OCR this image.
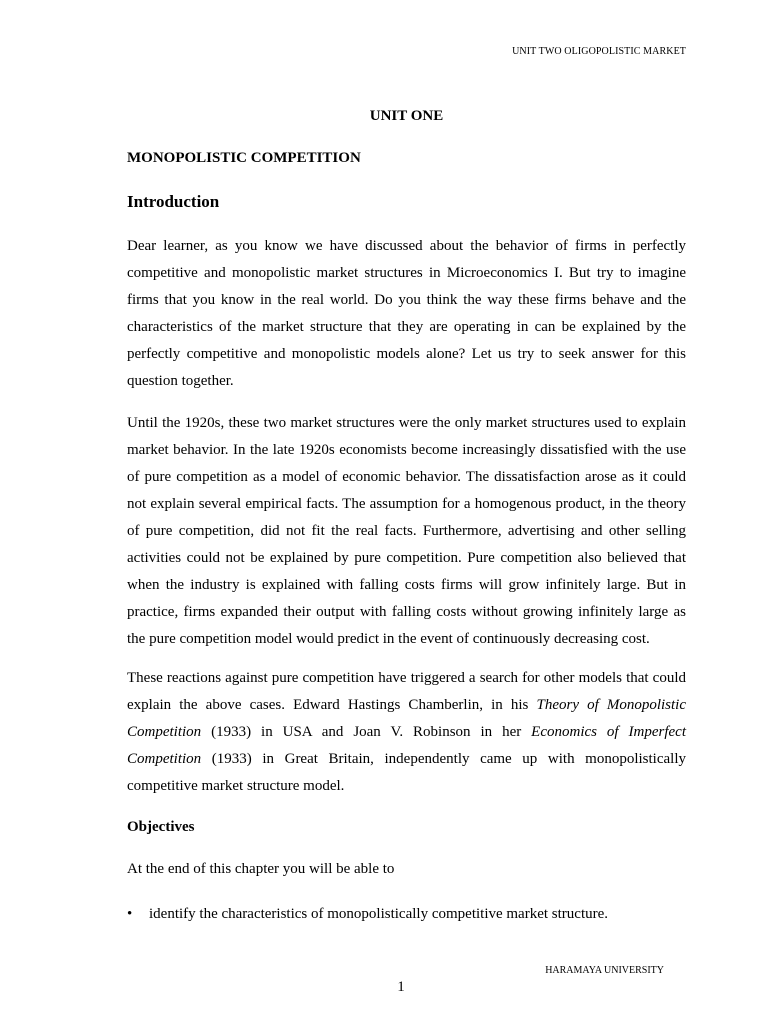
UNIT TWO OLIGOPOLISTIC MARKET
UNIT ONE
MONOPOLISTIC COMPETITION
Introduction

Dear learner, as you know we have discussed about the behavior of firms in perfectly competitive and monopolistic market structures in Microeconomics I. But try to imagine firms that you know in the real world. Do you think the way these firms behave and the characteristics of the market structure that they are operating in can be explained by the perfectly competitive and monopolistic models alone? Let us try to seek answer for this question together.

Until the 1920s, these two market structures were the only market structures used to explain market behavior. In the late 1920s economists become increasingly dissatisfied with the use of pure competition as a model of economic behavior. The dissatisfaction arose as it could not explain several empirical facts. The assumption for a homogenous product, in the theory of pure competition, did not fit the real facts. Furthermore, advertising and other selling activities could not be explained by pure competition. Pure competition also believed that when the industry is explained with falling costs firms will grow infinitely large. But in practice, firms expanded their output with falling costs without growing infinitely large as the pure competition model would predict in the event of continuously decreasing cost.

These reactions against pure competition have triggered a search for other models that could explain the above cases. Edward Hastings Chamberlin, in his Theory of Monopolistic Competition (1933) in USA and Joan V. Robinson in her Economics of Imperfect Competition (1933) in Great Britain, independently came up with monopolistically competitive market structure model.

Objectives
At the end of this chapter you will be able to
• identify the characteristics of monopolistically competitive market structure.
HARAMAYA UNIVERSITY
1
